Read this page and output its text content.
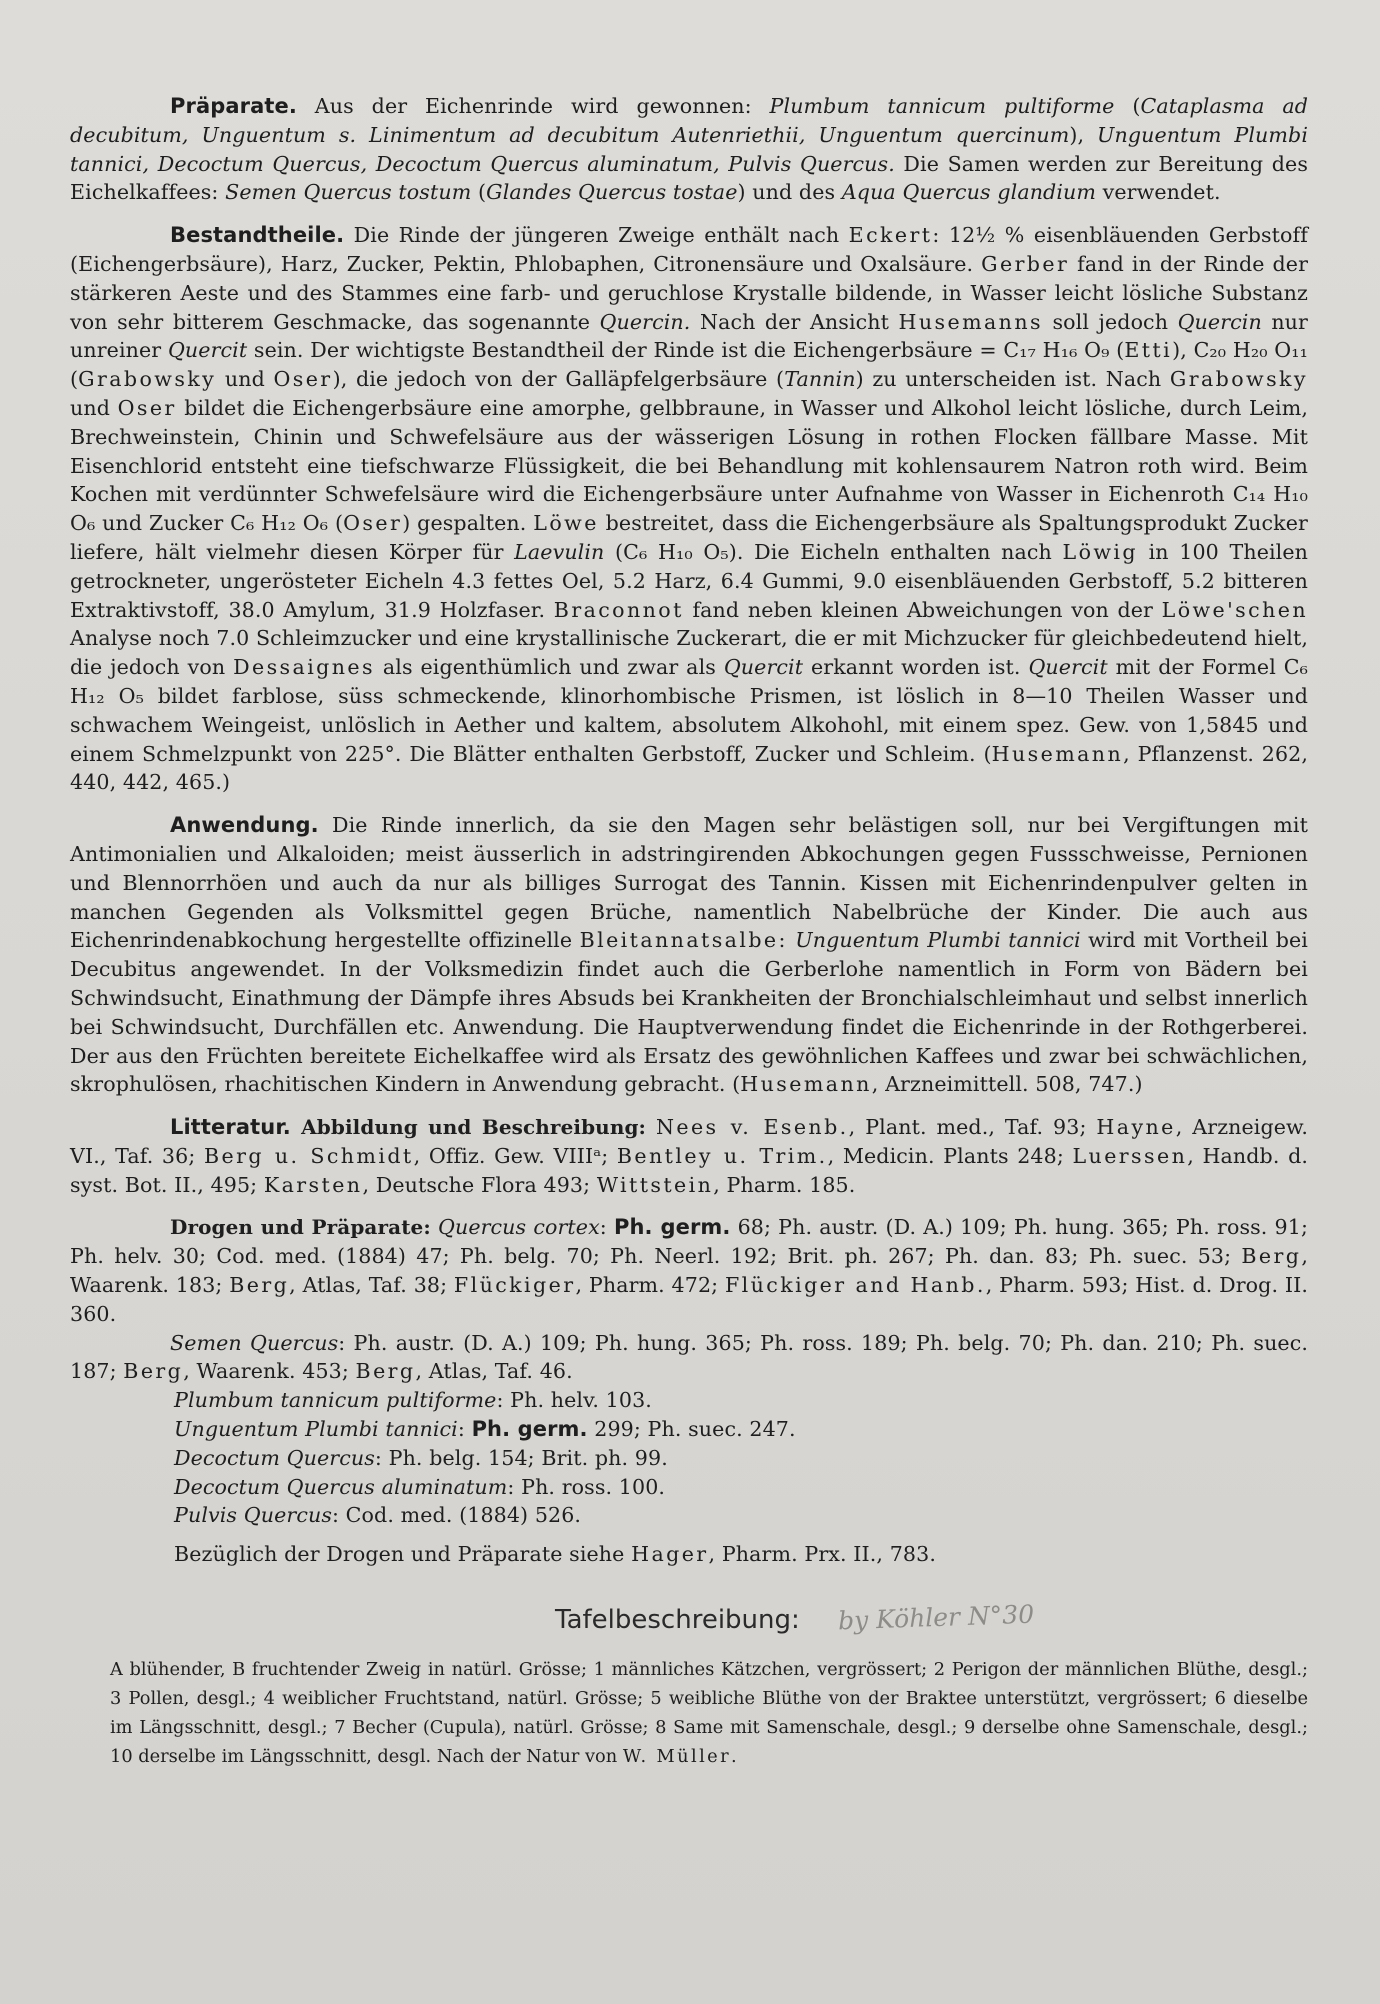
Präparate. Aus der Eichenrinde wird gewonnen: Plumbum tannicum pultiforme (Cataplasma ad decubitum, Unguentum s. Linimentum ad decubitum Autenriethii, Unguentum quercinum), Unguentum Plumbi tannici, Decoctum Quercus, Decoctum Quercus aluminatum, Pulvis Quercus. Die Samen werden zur Bereitung des Eichelkaffees: Semen Quercus tostum (Glandes Quercus tostae) und des Aqua Quercus glandium verwendet.

Bestandtheile. Die Rinde der jüngeren Zweige enthält nach Eckert: 12½ % eisenbläuenden Gerbstoff (Eichengerbsäure), Harz, Zucker, Pektin, Phlobaphen, Citronensäure und Oxalsäure. Gerber fand in der Rinde der stärkeren Aeste und des Stammes eine farb- und geruchlose Krystalle bildende, in Wasser leicht lösliche Substanz von sehr bitterem Geschmacke, das sogenannte Quercin. Nach der Ansicht Husemanns soll jedoch Quercin nur unreiner Quercit sein. Der wichtigste Bestandtheil der Rinde ist die Eichengerbsäure = C₁₇ H₁₆ O₉ (Etti), C₂₀ H₂₀ O₁₁ (Grabowsky und Oser), die jedoch von der Galläpfelgerbsäure (Tannin) zu unterscheiden ist. Nach Grabowsky und Oser bildet die Eichengerbsäure eine amorphe, gelbbraune, in Wasser und Alkohol leicht lösliche, durch Leim, Brechweinstein, Chinin und Schwefelsäure aus der wässerigen Lösung in rothen Flocken fällbare Masse. Mit Eisenchlorid entsteht eine tiefschwarze Flüssigkeit, die bei Behandlung mit kohlensaurem Natron roth wird. Beim Kochen mit verdünnter Schwefelsäure wird die Eichengerbsäure unter Aufnahme von Wasser in Eichenroth C₁₄ H₁₀ O₆ und Zucker C₆ H₁₂ O₆ (Oser) gespalten. Löwe bestreitet, dass die Eichengerbsäure als Spaltungsprodukt Zucker liefere, hält vielmehr diesen Körper für Laevulin (C₆ H₁₀ O₅). Die Eicheln enthalten nach Löwig in 100 Theilen getrockneter, ungerösteter Eicheln 4.3 fettes Oel, 5.2 Harz, 6.4 Gummi, 9.0 eisenbläuenden Gerbstoff, 5.2 bitteren Extraktivstoff, 38.0 Amylum, 31.9 Holzfaser. Braconnot fand neben kleinen Abweichungen von der Löwe'schen Analyse noch 7.0 Schleimzucker und eine krystallinische Zuckerart, die er mit Michzucker für gleichbedeutend hielt, die jedoch von Dessaignes als eigenthümlich und zwar als Quercit erkannt worden ist. Quercit mit der Formel C₆ H₁₂ O₅ bildet farblose, süss schmeckende, klinorhombische Prismen, ist löslich in 8—10 Theilen Wasser und schwachem Weingeist, unlöslich in Aether und kaltem, absolutem Alkohohl, mit einem spez. Gew. von 1,5845 und einem Schmelzpunkt von 225°. Die Blätter enthalten Gerbstoff, Zucker und Schleim. (Husemann, Pflanzenst. 262, 440, 442, 465.)

Anwendung. Die Rinde innerlich, da sie den Magen sehr belästigen soll, nur bei Vergiftungen mit Antimonialien und Alkaloiden; meist äusserlich in adstringirenden Abkochungen gegen Fussschweisse, Pernionen und Blennorrhöen und auch da nur als billiges Surrogat des Tannin. Kissen mit Eichenrindenpulver gelten in manchen Gegenden als Volksmittel gegen Brüche, namentlich Nabelbrüche der Kinder. Die auch aus Eichenrindenabkochung hergestellte offizinelle Bleitannatsalbe: Unguentum Plumbi tannici wird mit Vortheil bei Decubitus angewendet. In der Volksmedizin findet auch die Gerberlohe namentlich in Form von Bädern bei Schwindsucht, Einathmung der Dämpfe ihres Absuds bei Krankheiten der Bronchialschleimhaut und selbst innerlich bei Schwindsucht, Durchfällen etc. Anwendung. Die Hauptverwendung findet die Eichenrinde in der Rothgerberei. Der aus den Früchten bereitete Eichelkaffee wird als Ersatz des gewöhnlichen Kaffees und zwar bei schwächlichen, skrophulösen, rhachitischen Kindern in Anwendung gebracht. (Husemann, Arzneimittell. 508, 747.)

Litteratur. Abbildung und Beschreibung: Nees v. Esenb., Plant. med., Taf. 93; Hayne, Arzneigew. VI., Taf. 36; Berg u. Schmidt, Offiz. Gew. VIIIᵃ; Bentley u. Trim., Medicin. Plants 248; Luerssen, Handb. d. syst. Bot. II., 495; Karsten, Deutsche Flora 493; Wittstein, Pharm. 185.

Drogen und Präparate: Quercus cortex: Ph. germ. 68; Ph. austr. (D. A.) 109; Ph. hung. 365; Ph. ross. 91; Ph. helv. 30; Cod. med. (1884) 47; Ph. belg. 70; Ph. Neerl. 192; Brit. ph. 267; Ph. dan. 83; Ph. suec. 53; Berg, Waarenk. 183; Berg, Atlas, Taf. 38; Flückiger, Pharm. 472; Flückiger and Hanb., Pharm. 593; Hist. d. Drog. II. 360.

Semen Quercus: Ph. austr. (D. A.) 109; Ph. hung. 365; Ph. ross. 189; Ph. belg. 70; Ph. dan. 210; Ph. suec. 187; Berg, Waarenk. 453; Berg, Atlas, Taf. 46.

Plumbum tannicum pultiforme: Ph. helv. 103.

Unguentum Plumbi tannici: Ph. germ. 299; Ph. suec. 247.

Decoctum Quercus: Ph. belg. 154; Brit. ph. 99.

Decoctum Quercus aluminatum: Ph. ross. 100.

Pulvis Quercus: Cod. med. (1884) 526.

Bezüglich der Drogen und Präparate siehe Hager, Pharm. Prx. II., 783.

Tafelbeschreibung: by Köhler N°30

A blühender, B fruchtender Zweig in natürl. Grösse; 1 männliches Kätzchen, vergrössert; 2 Perigon der männlichen Blüthe, desgl.; 3 Pollen, desgl.; 4 weiblicher Fruchtstand, natürl. Grösse; 5 weibliche Blüthe von der Braktee unterstützt, vergrössert; 6 dieselbe im Längsschnitt, desgl.; 7 Becher (Cupula), natürl. Grösse; 8 Same mit Samenschale, desgl.; 9 derselbe ohne Samenschale, desgl.; 10 derselbe im Längsschnitt, desgl. Nach der Natur von W. Müller.
